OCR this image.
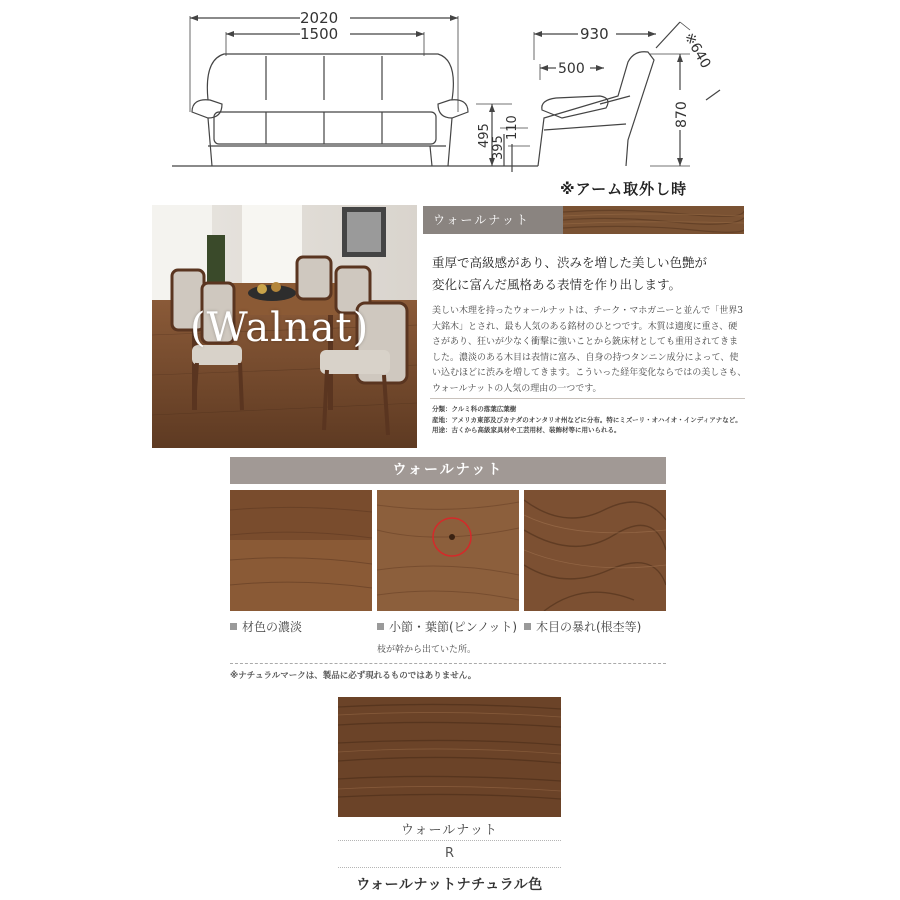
2020
1500	930
500	※640
495 395
110	870
※アーム取外し時
(Walnat)
ウォールナット
重厚で高級感があり、渋みを増した美しい色艶が
変化に富んだ風格ある表情を作り出します。
美しい木理を持ったウォールナットは、チーク・マホガニーと並んで「世界3
大銘木」とされ、最も人気のある銘材のひとつです。木質は適度に重さ、硬
さがあり、狂いが少なく衝撃に強いことから銃床材としても重用されてきま
した。濃淡のある木目は表情に富み、自身の持つタンニン成分によって、使
い込むほどに渋みを増してきます。こういった経年変化ならではの美しさも、
ウォールナットの人気の理由の一つです。
分類：クルミ科の落葉広葉樹
産地：アメリカ東部及びカナダのオンタリオ州などに分布。特にミズーリ・オハイオ・インディアナなど。
用途：古くから高級家具材や工芸用材、装飾材等に用いられる。
ウォールナット
材色の濃淡	小節・葉節(ピンノット)	木目の暴れ(根杢等)
枝が幹から出ていた所。
※ナチュラルマークは、製品に必ず現れるものではありません。
ウォールナット
R
ウォールナットナチュラル色
